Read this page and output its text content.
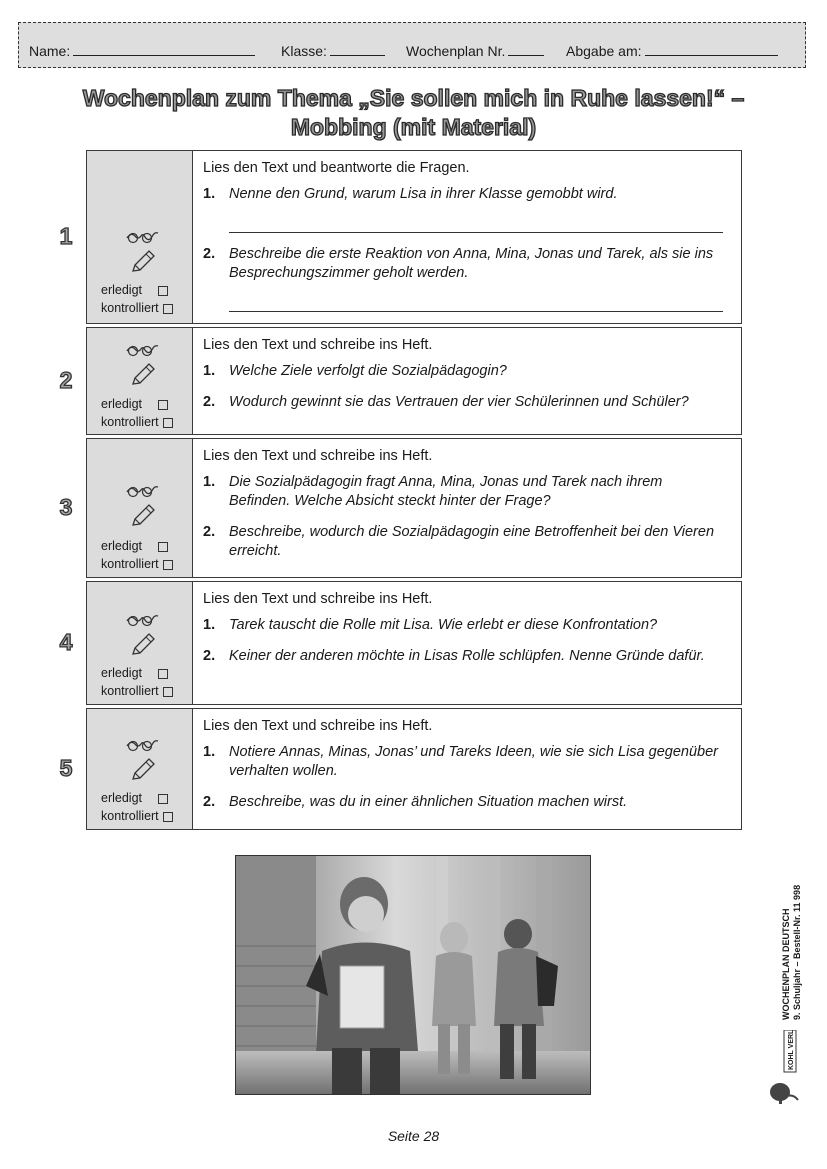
Name:	Klasse:	Wochenplan Nr.	Abgabe am:
Wochenplan zum Thema „Sie sollen mich in Ruhe lassen!“ –
Mobbing (mit Material)
1
erledigt
kontrolliert
Lies den Text und beantworte die Fragen.
1. Nenne den Grund, warum Lisa in ihrer Klasse gemobbt wird.
2. Beschreibe die erste Reaktion von Anna, Mina, Jonas und Tarek, als sie ins Besprechungszimmer geholt werden.
2
erledigt
kontrolliert
Lies den Text und schreibe ins Heft.
1. Welche Ziele verfolgt die Sozialpädagogin?
2. Wodurch gewinnt sie das Vertrauen der vier Schülerinnen und Schüler?
3
erledigt
kontrolliert
Lies den Text und schreibe ins Heft.
1. Die Sozialpädagogin fragt Anna, Mina, Jonas und Tarek nach ihrem Befinden. Welche Absicht steckt hinter der Frage?
2. Beschreibe, wodurch die Sozialpädagogin eine Betroffenheit bei den Vieren erreicht.
4
erledigt
kontrolliert
Lies den Text und schreibe ins Heft.
1. Tarek tauscht die Rolle mit Lisa. Wie erlebt er diese Konfrontation?
2. Keiner der anderen möchte in Lisas Rolle schlüpfen. Nenne Gründe dafür.
5
erledigt
kontrolliert
Lies den Text und schreibe ins Heft.
1. Notiere Annas, Minas, Jonas’ und Tareks Ideen, wie sie sich Lisa gegenüber verhalten wollen.
2. Beschreibe, was du in einer ähnlichen Situation machen wirst.
WOCHENPLAN DEUTSCH 9. Schuljahr – Bestell-Nr. 11 998
KOHL VERLAG
Seite 28
